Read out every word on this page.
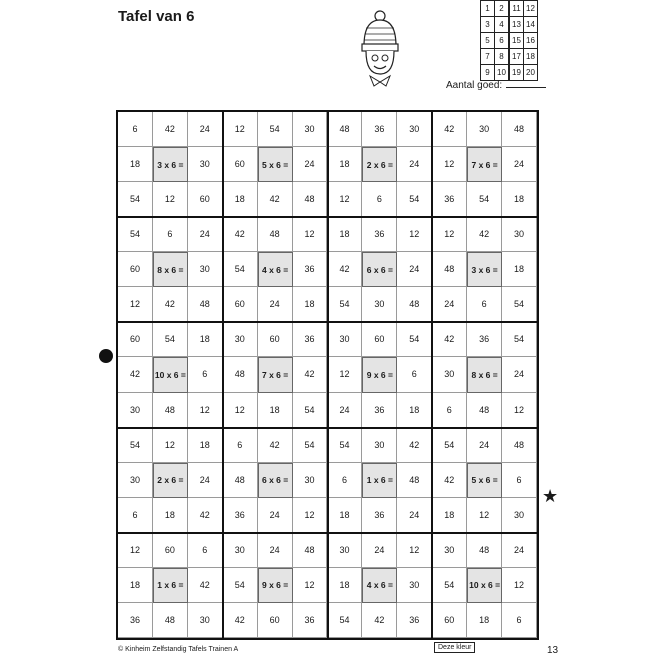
Tafel van 6	1	2	11	12
3	4	13	14
5	6	15	16
7	8	17	18
9	10	19	20
Aantal goed:
6	42	24	12	54	30	48	36	30	42	30	48
18	3 x 6 =	30	60	5 x 6 =	24	18	2 x 6 =	24	12	7 x 6 =	24
54	12	60	18	42	48	12	6	54	36	54	18
54	6	24	42	48	12	18	36	12	12	42	30
60	8 x 6 =	30	54	4 x 6 =	36	42	6 x 6 =	24	48	3 x 6 =	18
12	42	48	60	24	18	54	30	48	24	6	54
60	54	18	30	60	36	30	60	54	42	36	54
42	10 x 6 =	6	48	7 x 6 =	42	12	9 x 6 =	6	30	8 x 6 =	24
30	48	12	12	18	54	24	36	18	6	48	12
54	12	18	6	42	54	54	30	42	54	24	48
30	2 x 6 =	24	48	6 x 6 =	30	6	1 x 6 =	48	42	5 x 6 =	6
6	18	42	36	24	12	18	36	24	18	12	30
12	60	6	30	24	48	30	24	12	30	48	24
18	1 x 6 =	42	54	9 x 6 =	12	18	4 x 6 =	30	54	10 x 6 =	12
36	48	30	42	60	36	54	42	36	60	18	6
★
© Kinheim Zelfstandig Tafels Trainen A	Deze kleur	13
